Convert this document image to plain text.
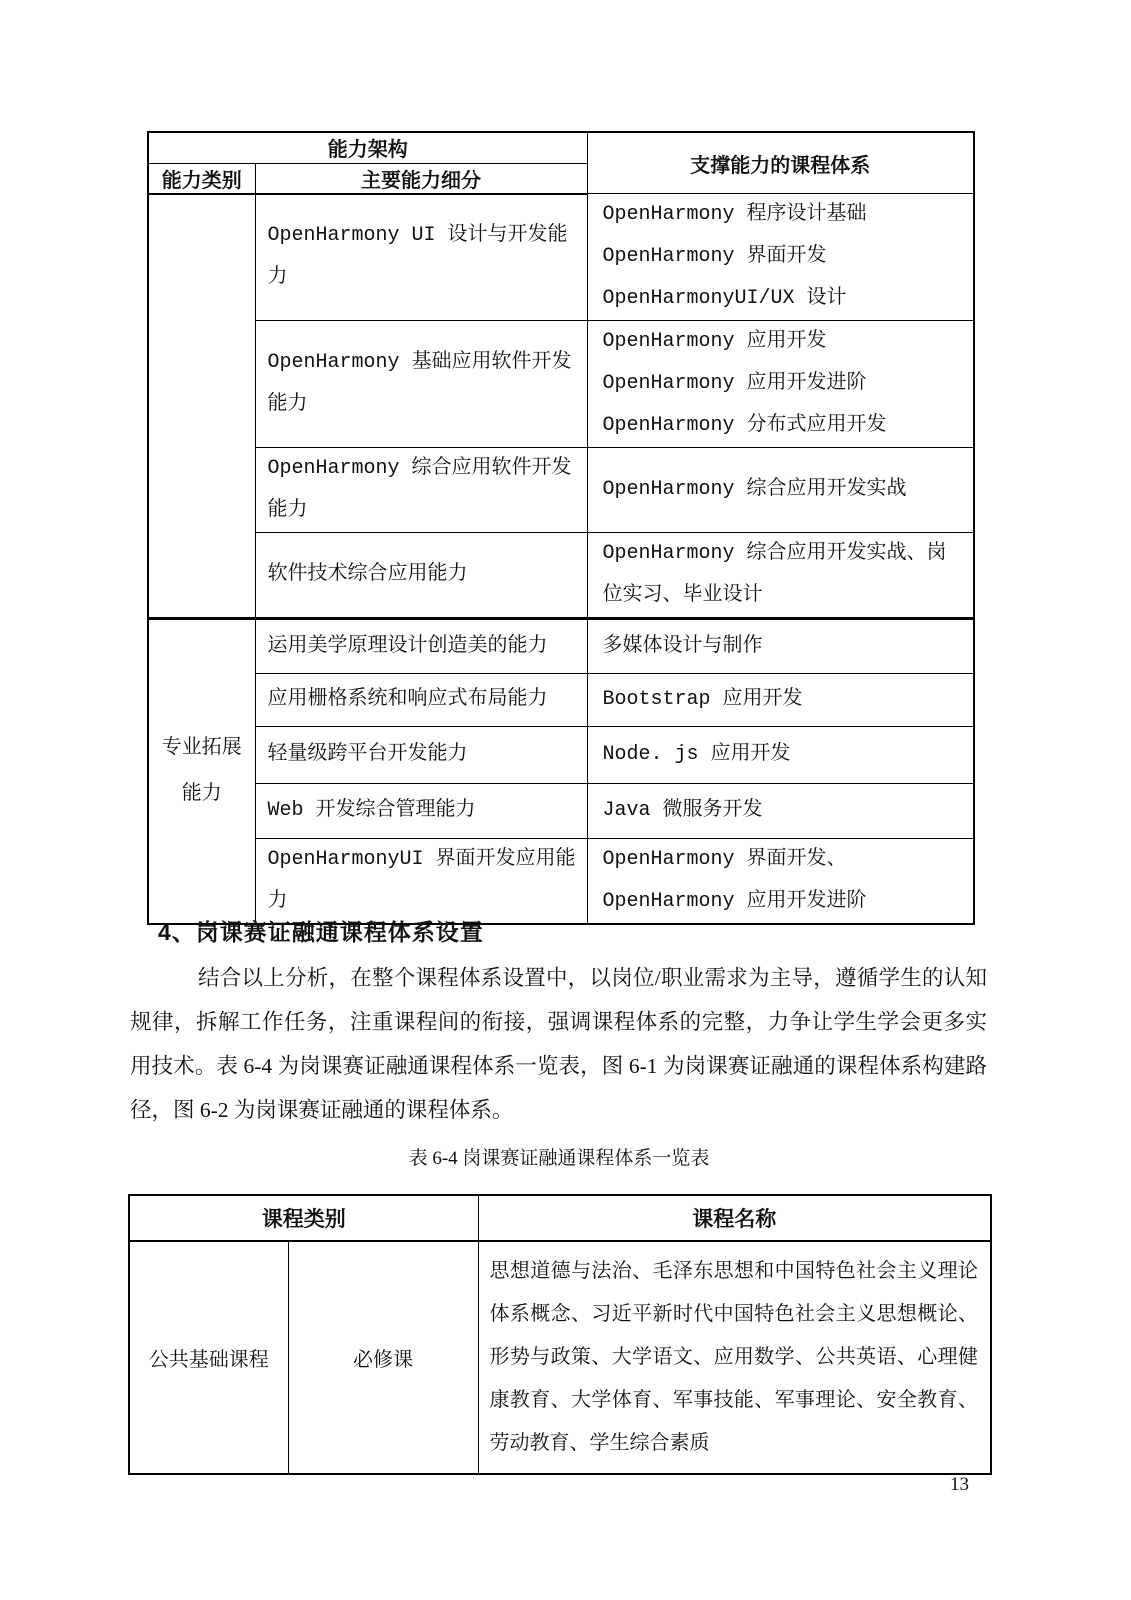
能力架构		支撑能力的课程体系
能力类别	主要能力细分	
	OpenHarmony UI 设计与开发能力	OpenHarmony 程序设计基础
OpenHarmony 界面开发
OpenHarmonyUI/UX 设计

	OpenHarmony 基础应用软件开发能力	OpenHarmony 应用开发
OpenHarmony 应用开发进阶
OpenHarmony 分布式应用开发

	OpenHarmony 综合应用软件开发能力	OpenHarmony 综合应用开发实战

	软件技术综合应用能力	OpenHarmony 综合应用开发实战、岗位实习、毕业设计

专业拓展能力	运用美学原理设计创造美的能力	多媒体设计与制作

	应用栅格系统和响应式布局能力	Bootstrap 应用开发

	轻量级跨平台开发能力	Node. js 应用开发

	Web 开发综合管理能力	Java 微服务开发

	OpenHarmonyUI 界面开发应用能力	OpenHarmony 界面开发、OpenHarmony 应用开发进阶
4、岗课赛证融通课程体系设置

结合以上分析，在整个课程体系设置中，以岗位/职业需求为主导，遵循学生的认知规律，拆解工作任务，注重课程间的衔接，强调课程体系的完整，力争让学生学会更多实用技术。表 6-4 为岗课赛证融通课程体系一览表，图 6-1 为岗课赛证融通的课程体系构建路径，图 6-2 为岗课赛证融通的课程体系。

表 6-4 岗课赛证融通课程体系一览表
课程类别		课程名称
公共基础课程	必修课	思想道德与法治、毛泽东思想和中国特色社会主义理论体系概念、习近平新时代中国特色社会主义思想概论、形势与政策、大学语文、应用数学、公共英语、心理健康教育、大学体育、军事技能、军事理论、安全教育、劳动教育、学生综合素质
13
